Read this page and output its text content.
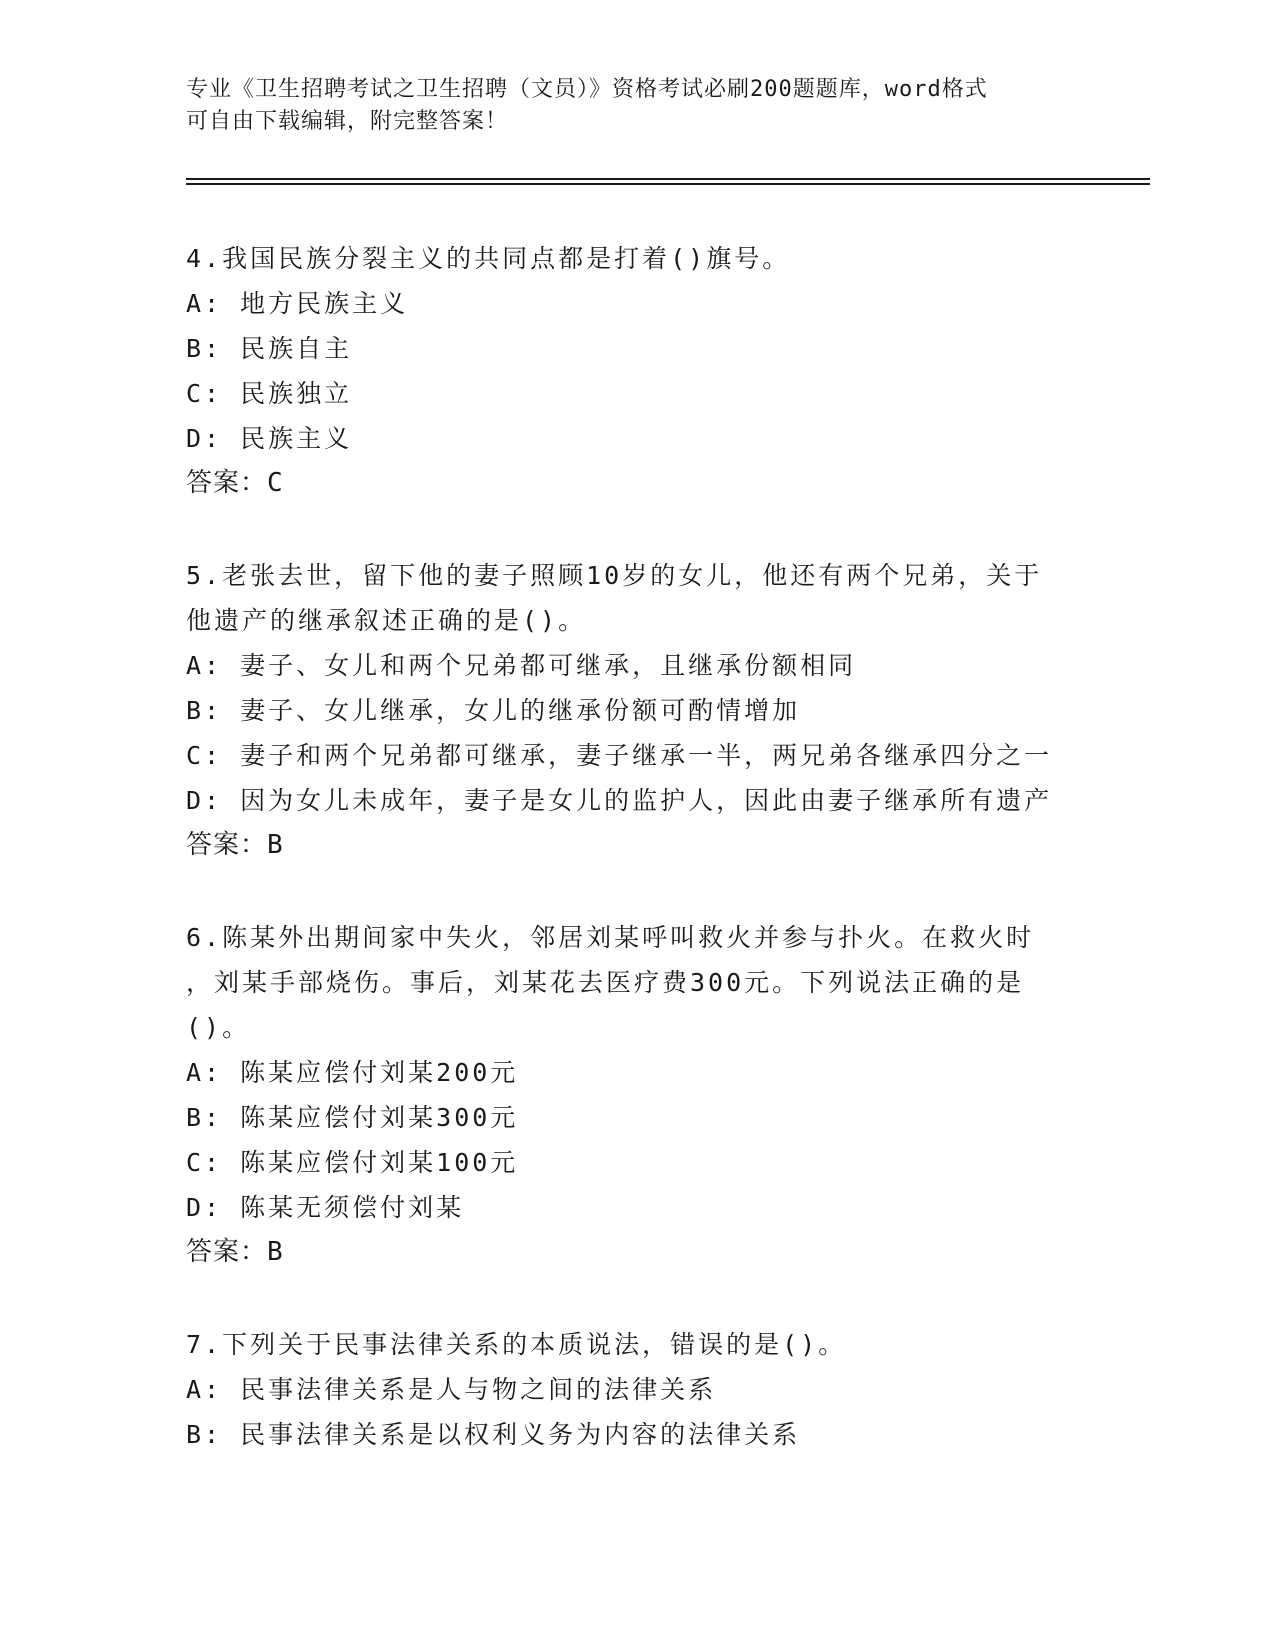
专业《卫生招聘考试之卫生招聘（文员）》资格考试必刷200题题库，word格式
可自由下载编辑，附完整答案！
4.我国民族分裂主义的共同点都是打着()旗号。
A: 地方民族主义
B: 民族自主
C: 民族独立
D: 民族主义
答案：C
5.老张去世，留下他的妻子照顾10岁的女儿，他还有两个兄弟，关于
他遗产的继承叙述正确的是()。
A: 妻子、女儿和两个兄弟都可继承，且继承份额相同
B: 妻子、女儿继承，女儿的继承份额可酌情增加
C: 妻子和两个兄弟都可继承，妻子继承一半，两兄弟各继承四分之一
D: 因为女儿未成年，妻子是女儿的监护人，因此由妻子继承所有遗产
答案：B
6.陈某外出期间家中失火，邻居刘某呼叫救火并参与扑火。在救火时
，刘某手部烧伤。事后，刘某花去医疗费300元。下列说法正确的是
()。
A: 陈某应偿付刘某200元
B: 陈某应偿付刘某300元
C: 陈某应偿付刘某100元
D: 陈某无须偿付刘某
答案：B
7.下列关于民事法律关系的本质说法，错误的是()。
A: 民事法律关系是人与物之间的法律关系
B: 民事法律关系是以权利义务为内容的法律关系
